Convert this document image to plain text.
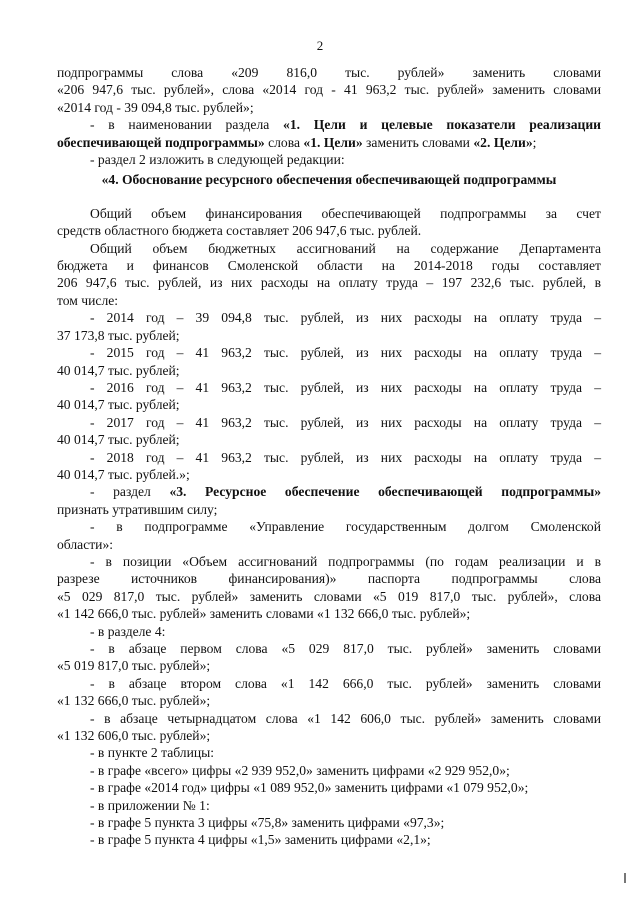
2

подпрограммы слова «209 816,0 тыс. рублей» заменить словами

«206 947,6 тыс. рублей», слова «2014 год - 41 963,2 тыс. рублей» заменить словами

«2014 год - 39 094,8 тыс. рублей»;

- в наименовании раздела «1. Цели и целевые показатели реализации

обеспечивающей подпрограммы» слова «1. Цели» заменить словами «2. Цели»;

- раздел 2 изложить в следующей редакции:

«4. Обоснование ресурсного обеспечения обеспечивающей подпрограммы

Общий объем финансирования обеспечивающей подпрограммы за счет

средств областного бюджета составляет 206 947,6 тыс. рублей.

Общий объем бюджетных ассигнований на содержание Департамента

бюджета и финансов Смоленской области на 2014-2018 годы составляет

206 947,6 тыс. рублей, из них расходы на оплату труда – 197 232,6 тыс. рублей, в

том числе:

- 2014 год – 39 094,8 тыс. рублей, из них расходы на оплату труда –

37 173,8 тыс. рублей;

- 2015 год – 41 963,2 тыс. рублей, из них расходы на оплату труда –

40 014,7 тыс. рублей;

- 2016 год – 41 963,2 тыс. рублей, из них расходы на оплату труда –

40 014,7 тыс. рублей;

- 2017 год – 41 963,2 тыс. рублей, из них расходы на оплату труда –

40 014,7 тыс. рублей;

- 2018 год – 41 963,2 тыс. рублей, из них расходы на оплату труда –

40 014,7 тыс. рублей.»;

- раздел «3. Ресурсное обеспечение обеспечивающей подпрограммы»

признать утратившим силу;

- в подпрограмме «Управление государственным долгом Смоленской

области»:

- в позиции «Объем ассигнований подпрограммы (по годам реализации и в

разрезе источников финансирования)» паспорта подпрограммы слова

«5 029 817,0 тыс. рублей» заменить словами «5 019 817,0 тыс. рублей», слова

«1 142 666,0 тыс. рублей» заменить словами «1 132 666,0 тыс. рублей»;

- в разделе 4:

- в абзаце первом слова «5 029 817,0 тыс. рублей» заменить словами

«5 019 817,0 тыс. рублей»;

- в абзаце втором слова «1 142 666,0 тыс. рублей» заменить словами

«1 132 666,0 тыс. рублей»;

- в абзаце четырнадцатом слова «1 142 606,0 тыс. рублей» заменить словами

«1 132 606,0 тыс. рублей»;

- в пункте 2 таблицы:

- в графе «всего» цифры «2 939 952,0» заменить цифрами «2 929 952,0»;

- в графе «2014 год» цифры «1 089 952,0» заменить цифрами «1 079 952,0»;

- в приложении № 1:

- в графе 5 пункта 3 цифры «75,8» заменить цифрами «97,3»;

- в графе 5 пункта 4 цифры «1,5» заменить цифрами «2,1»;
